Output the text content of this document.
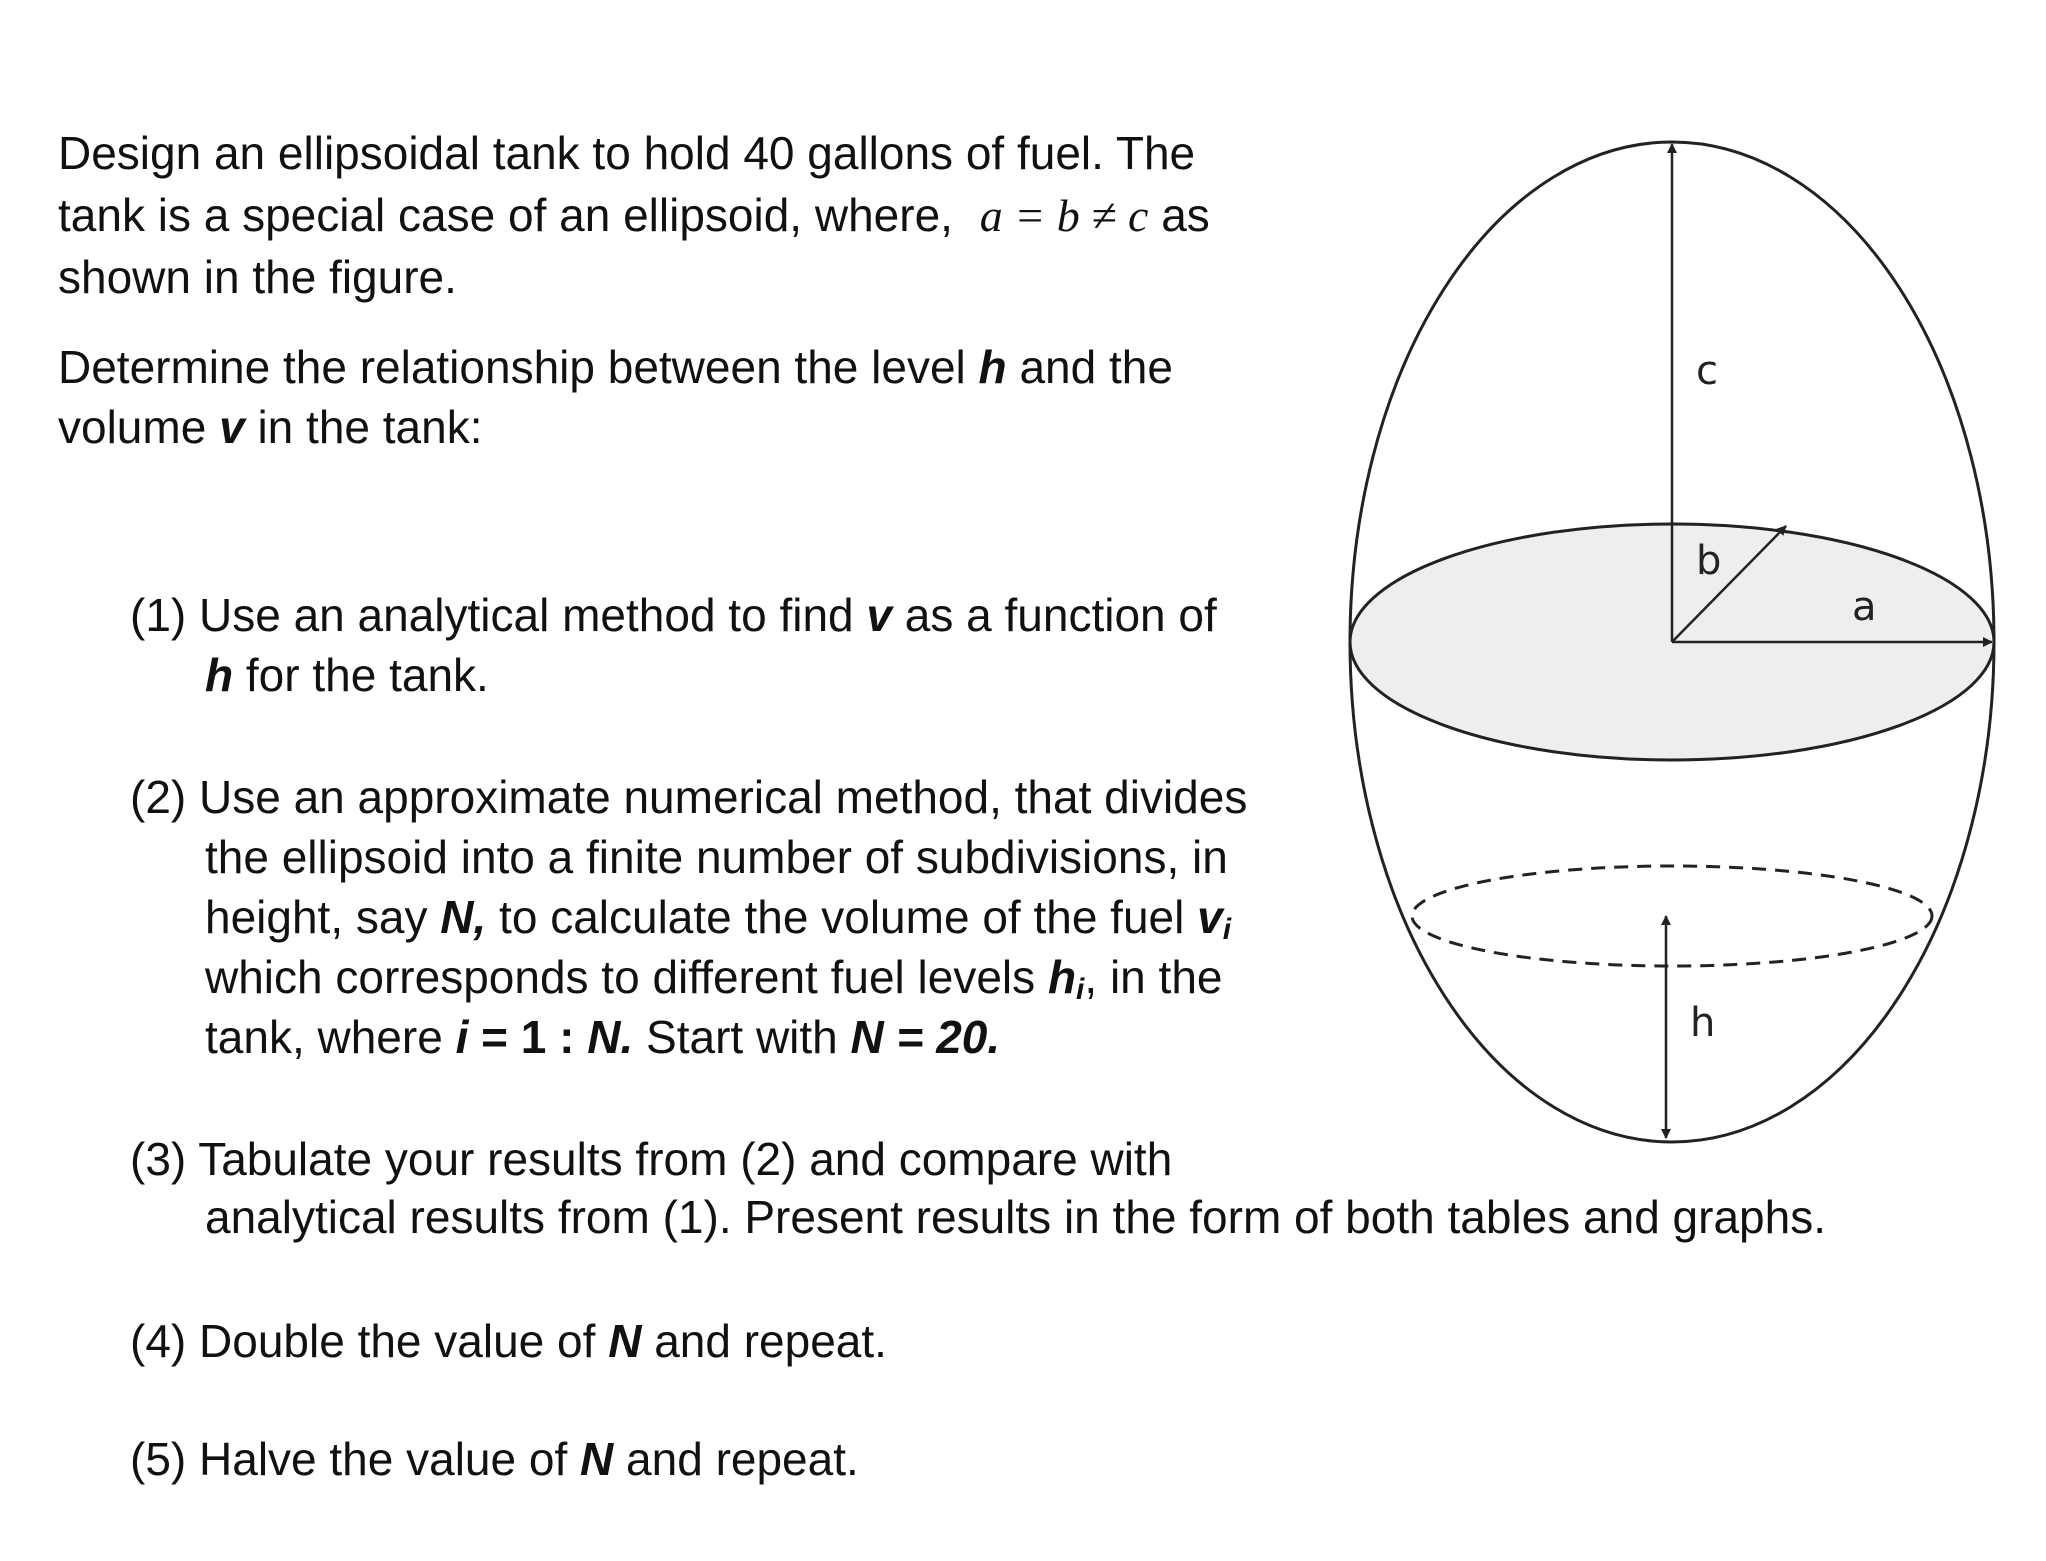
Design an ellipsoidal tank to hold 40 gallons of fuel. The
tank is a special case of an ellipsoid, where, a = b ≠ c as
shown in the figure.
Determine the relationship between the level h and the
volume v in the tank:
(1) Use an analytical method to find v as a function of
h for the tank.
(2) Use an approximate numerical method, that divides
the ellipsoid into a finite number of subdivisions, in
height, say N, to calculate the volume of the fuel $v_i$
which corresponds to different fuel levels $h_i$, in the
tank, where i = 1 : N. Start with N = 20.
(3) Tabulate your results from (2) and compare with
analytical results from (1). Present results in the form of both tables and graphs.
(4) Double the value of N and repeat.
(5) Halve the value of N and repeat.
c
b
a
h
